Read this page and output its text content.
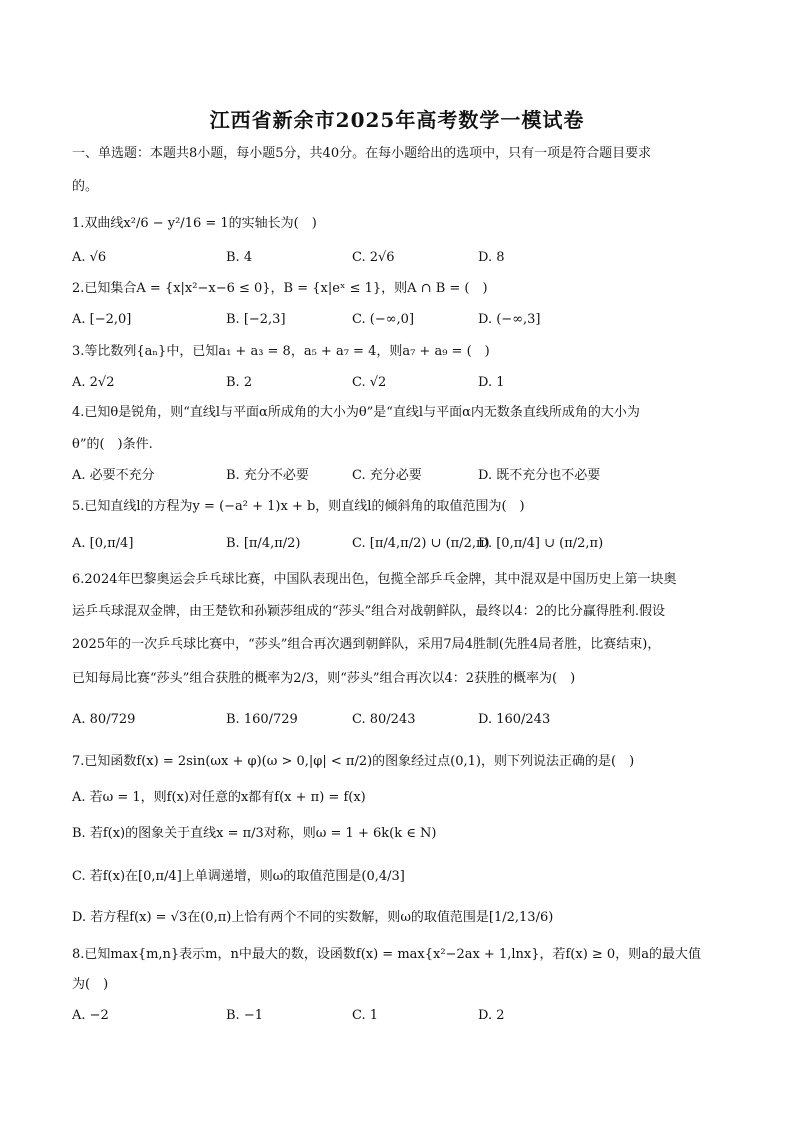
江西省新余市2025年高考数学一模试卷
一、单选题：本题共8小题，每小题5分，共40分。在每小题给出的选项中，只有一项是符合题目要求
的。
1.双曲线x²/6 − y²/16 = 1的实轴长为(　)
A. √6	B. 4	C. 2√6	D. 8
2.已知集合A = {x|x²−x−6 ≤ 0}，B = {x|eˣ ≤ 1}，则A ∩ B = (　)
A. [−2,0]	B. [−2,3]	C. (−∞,0]	D. (−∞,3]
3.等比数列{aₙ}中，已知a₁ + a₃ = 8，a₅ + a₇ = 4，则a₇ + a₉ = (　)
A. 2√2	B. 2	C. √2	D. 1
4.已知θ是锐角，则“直线l与平面α所成角的大小为θ”是“直线l与平面α内无数条直线所成角的大小为
θ”的(　)条件.
A. 必要不充分	B. 充分不必要	C. 充分必要	D. 既不充分也不必要
5.已知直线l的方程为y = (−a² + 1)x + b，则直线l的倾斜角的取值范围为(　)
A. [0,π/4]	B. [π/4,π/2)	C. [π/4,π/2) ∪ (π/2,π)
D. [0,π/4] ∪ (π/2,π)
6.2024年巴黎奥运会乒乓球比赛，中国队表现出色，包揽全部乒乓金牌，其中混双是中国历史上第一块奥
运乒乓球混双金牌，由王楚钦和孙颖莎组成的“莎头”组合对战朝鲜队，最终以4：2的比分赢得胜利.假设
2025年的一次乒乓球比赛中，“莎头”组合再次遇到朝鲜队，采用7局4胜制(先胜4局者胜，比赛结束)，
已知每局比赛“莎头”组合获胜的概率为2/3，则“莎头”组合再次以4：2获胜的概率为(　)
A. 80/729	B. 160/729	C. 80/243	D. 160/243
7.已知函数f(x) = 2sin(ωx + φ)(ω > 0,|φ| < π/2)的图象经过点(0,1)，则下列说法正确的是(　)
A. 若ω = 1，则f(x)对任意的x都有f(x + π) = f(x)
B. 若f(x)的图象关于直线x = π/3对称，则ω = 1 + 6k(k ∈ N)
C. 若f(x)在[0,π/4]上单调递增，则ω的取值范围是(0,4/3]
D. 若方程f(x) = √3在(0,π)上恰有两个不同的实数解，则ω的取值范围是[1/2,13/6)
8.已知max{m,n}表示m，n中最大的数，设函数f(x) = max{x²−2ax + 1,lnx}，若f(x) ≥ 0，则a的最大值
为(　)
A. −2	B. −1	C. 1	D. 2
